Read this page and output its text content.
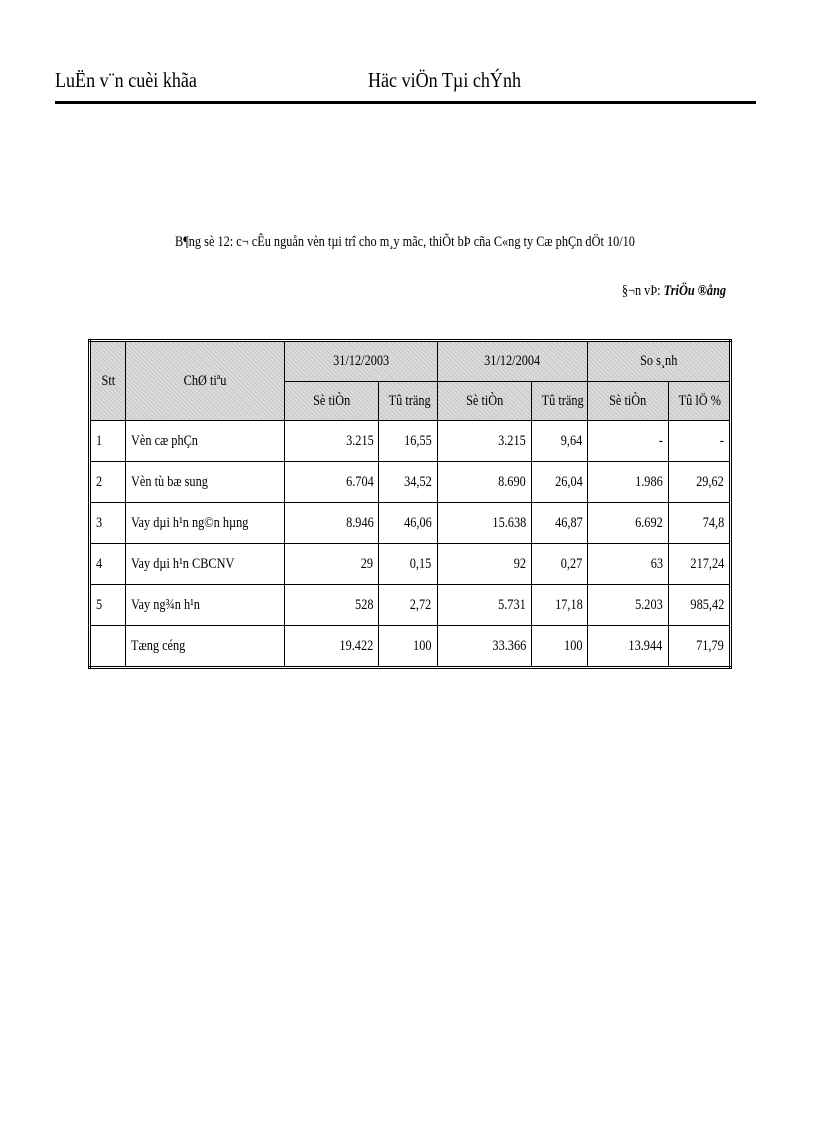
LuËn v¨n cuèi khãa	Häc viÖn Tµi chÝnh
B¶ng sè 12: c¬ cÊu nguån vèn tµi trî cho m¸y mãc, thiÕt bÞ cña C«ng ty Cæ phÇn dÖt 10/10
§¬n vÞ: TriÖu ®ång
Stt	ChØ tiªu	31/12/2003		31/12/2004		So s¸nh	
		Sè tiÒn	Tû träng	Sè tiÒn	Tû träng	Sè tiÒn	Tû lÖ %
1	Vèn cæ phÇn	3.215	16,55	3.215	9,64	-	-
2	Vèn tù bæ sung	6.704	34,52	8.690	26,04	1.986	29,62
3	Vay dµi h¹n ng©n hµng	8.946	46,06	15.638	46,87	6.692	74,8
4	Vay dµi h¹n CBCNV	29	0,15	92	0,27	63	217,24
5	Vay ng¾n h¹n	528	2,72	5.731	17,18	5.203	985,42
	Tæng céng	19.422	100	33.366	100	13.944	71,79
